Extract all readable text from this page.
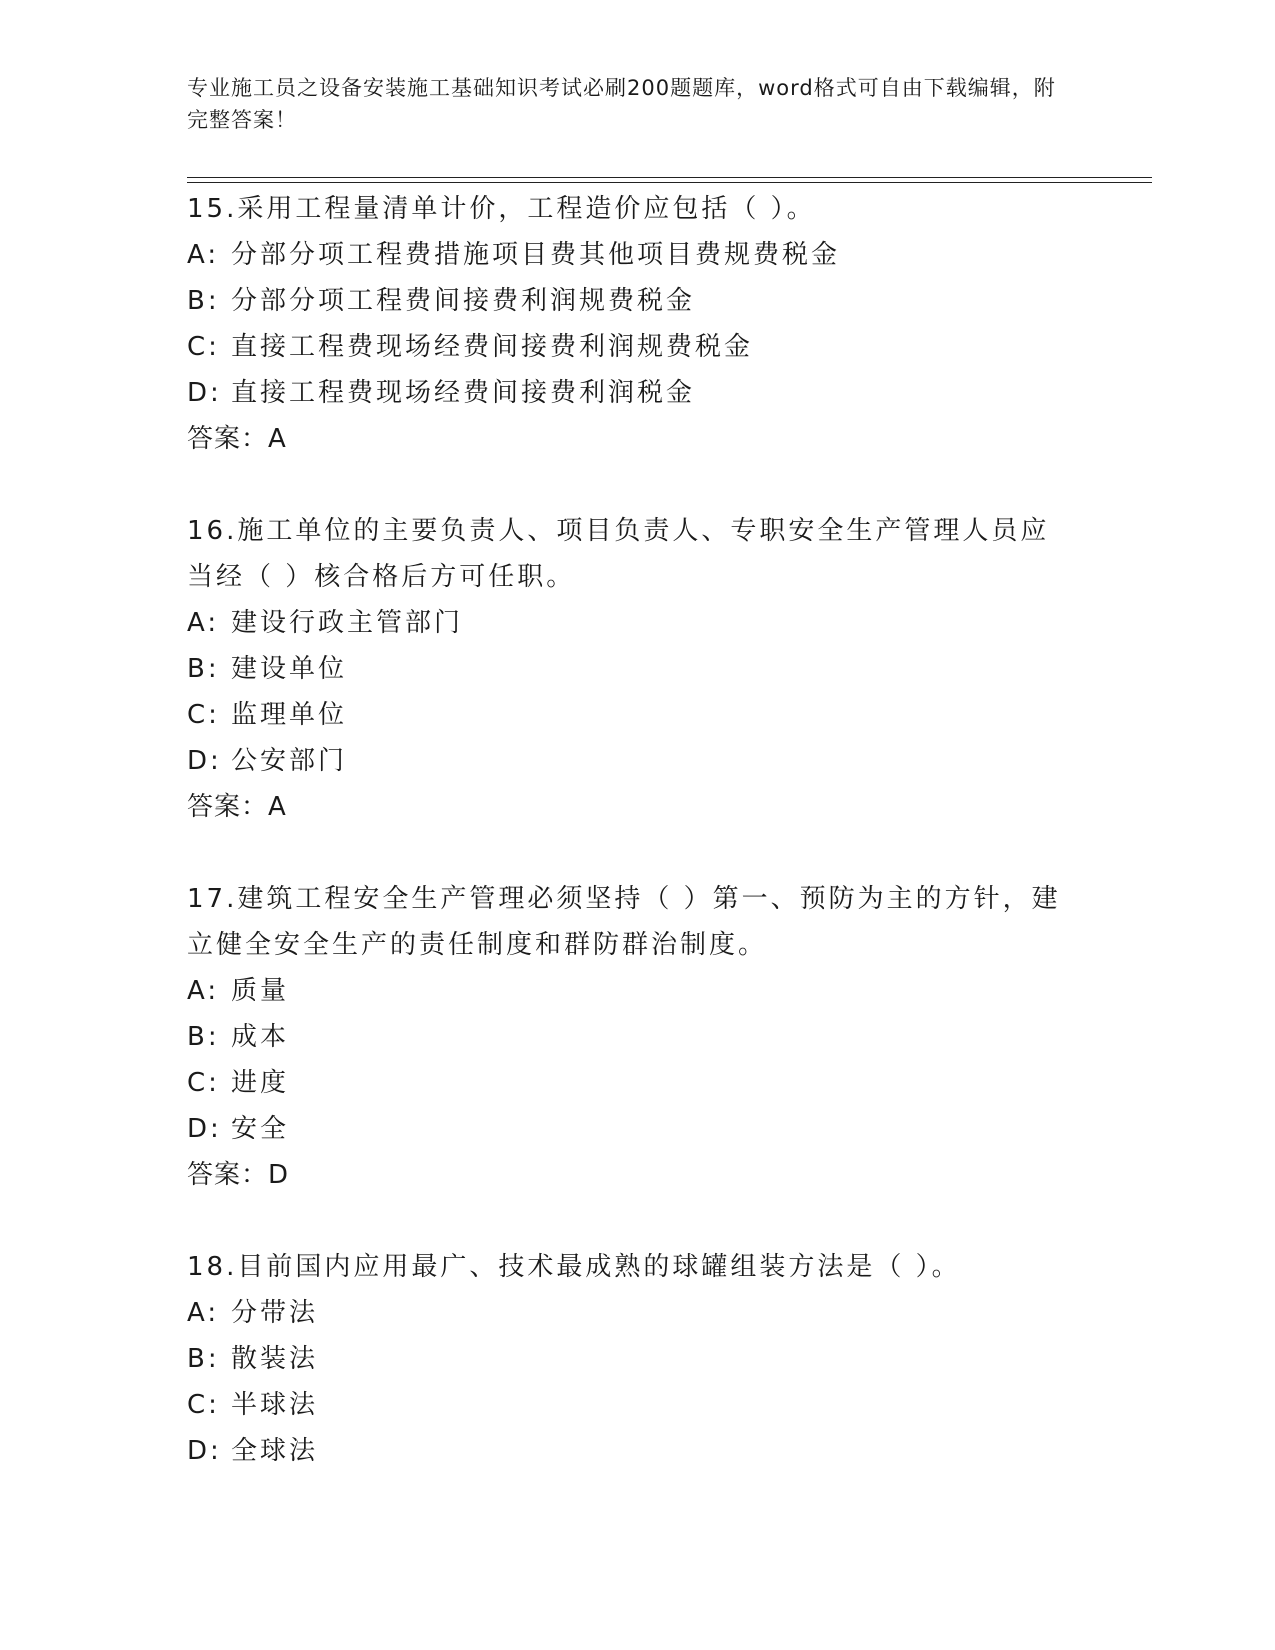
专业施工员之设备安装施工基础知识考试必刷200题题库，word格式可自由下载编辑，附完整答案！
15.采用工程量清单计价，工程造价应包括（ ）。
A: 分部分项工程费措施项目费其他项目费规费税金
B: 分部分项工程费间接费利润规费税金
C: 直接工程费现场经费间接费利润规费税金
D: 直接工程费现场经费间接费利润税金
答案：A
16.施工单位的主要负责人、项目负责人、专职安全生产管理人员应当经（ ）核合格后方可任职。
A: 建设行政主管部门
B: 建设单位
C: 监理单位
D: 公安部门
答案：A
17.建筑工程安全生产管理必须坚持（ ）第一、预防为主的方针，建立健全安全生产的责任制度和群防群治制度。
A: 质量
B: 成本
C: 进度
D: 安全
答案：D
18.目前国内应用最广、技术最成熟的球罐组装方法是（ ）。
A: 分带法
B: 散装法
C: 半球法
D: 全球法
